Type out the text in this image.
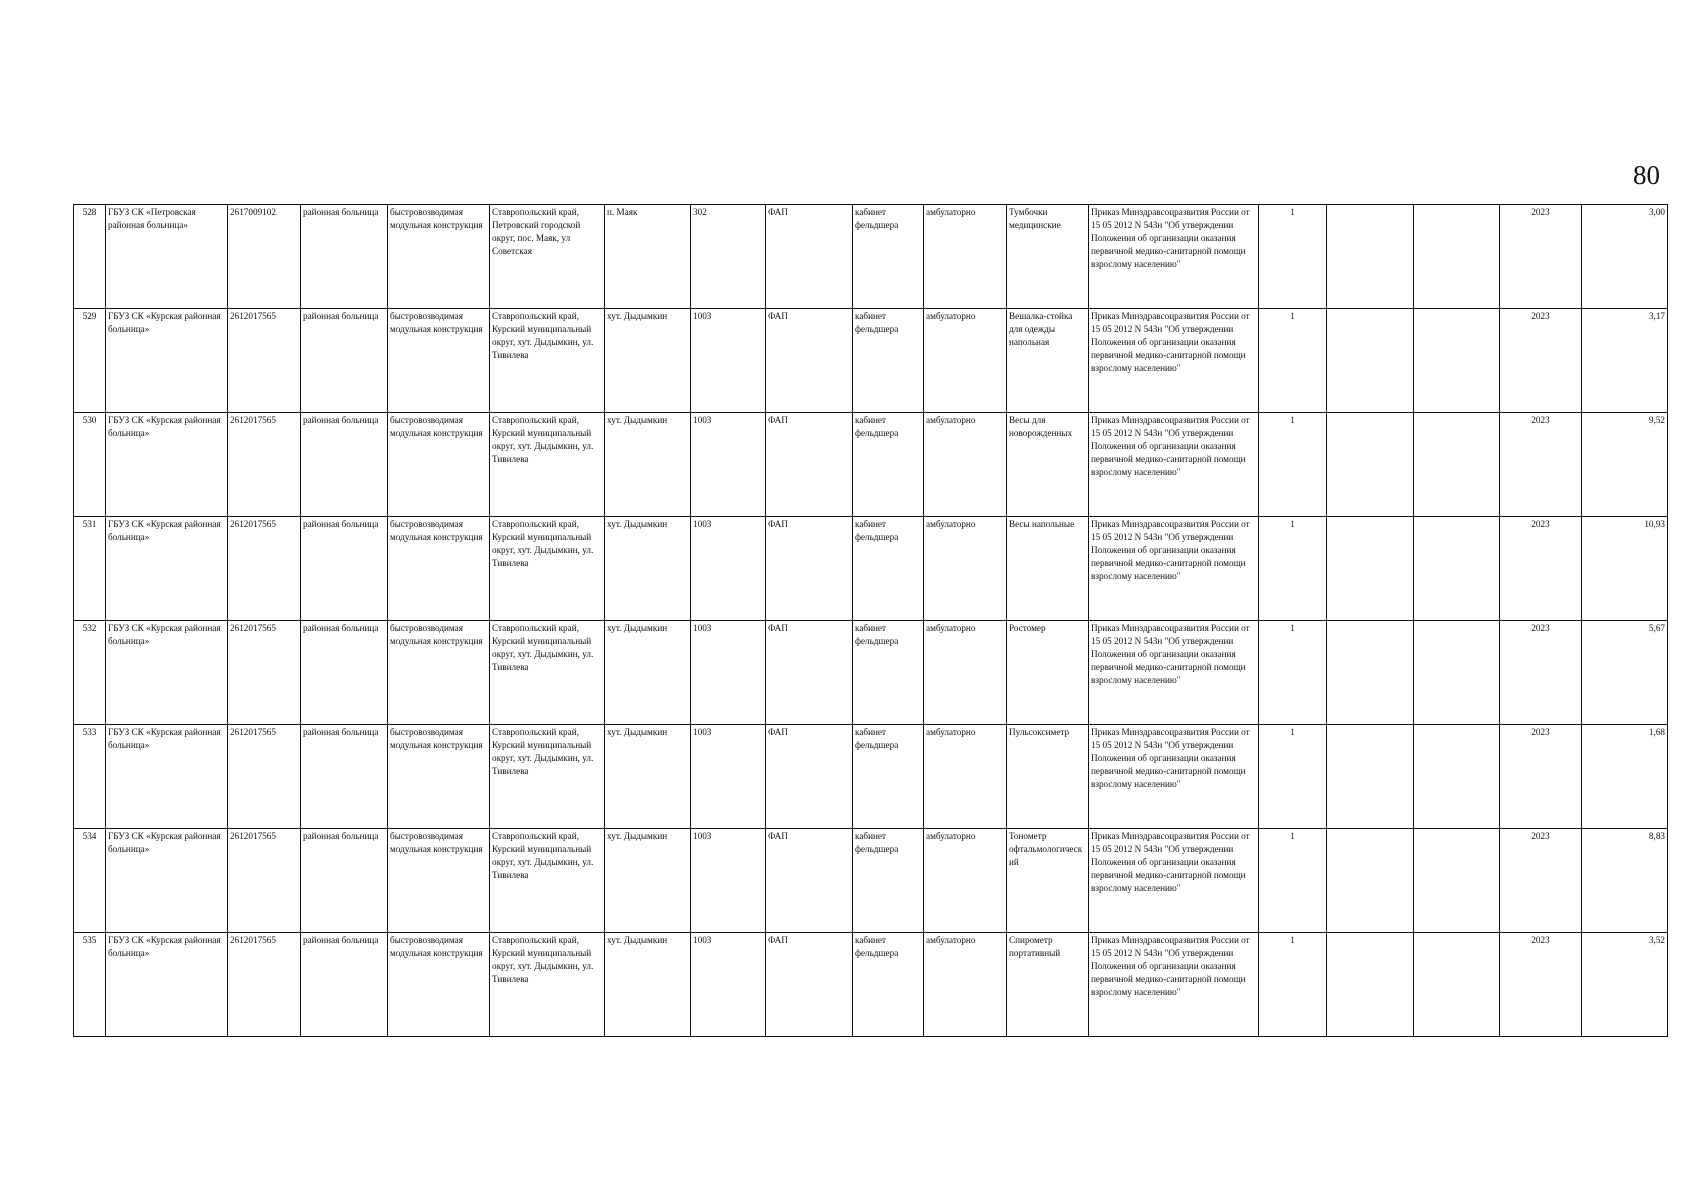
80
528	ГБУЗ СК «Петровская районная больница»	2617009102	районная больница	быстровозводимая модульная конструкция	Ставропольский край, Петровский городской округ, пос. Маяк, ул Советская	п. Маяк	302	ФАП	кабинет фельдшера	амбулаторно	Тумбочки медицинские	Приказ Минздравсоцразвития России от 15 05 2012 N 543н "Об утверждении Положения об организации оказания первичной медико-санитарной помощи взрослому населению"	1			2023	3,00
529	ГБУЗ СК «Курская районная больница»	2612017565	районная больница	быстровозводимая модульная конструкция	Ставропольский край, Курский муниципальный округ, хут. Дыдымкин, ул. Тивилева	хут. Дыдымкин	1003	ФАП	кабинет фельдшера	амбулаторно	Вешалка-стойка для одежды напольная	Приказ Минздравсоцразвития России от 15 05 2012 N 543н "Об утверждении Положения об организации оказания первичной медико-санитарной помощи взрослому населению"	1			2023	3,17
530	ГБУЗ СК «Курская районная больница»	2612017565	районная больница	быстровозводимая модульная конструкция	Ставропольский край, Курский муниципальный округ, хут. Дыдымкин, ул. Тивилева	хут. Дыдымкин	1003	ФАП	кабинет фельдшера	амбулаторно	Весы для новорожденных	Приказ Минздравсоцразвития России от 15 05 2012 N 543н "Об утверждении Положения об организации оказания первичной медико-санитарной помощи взрослому населению"	1			2023	9,52
531	ГБУЗ СК «Курская районная больница»	2612017565	районная больница	быстровозводимая модульная конструкция	Ставропольский край, Курский муниципальный округ, хут. Дыдымкин, ул. Тивилева	хут. Дыдымкин	1003	ФАП	кабинет фельдшера	амбулаторно	Весы напольные	Приказ Минздравсоцразвития России от 15 05 2012 N 543н "Об утверждении Положения об организации оказания первичной медико-санитарной помощи взрослому населению"	1			2023	10,93
532	ГБУЗ СК «Курская районная больница»	2612017565	районная больница	быстровозводимая модульная конструкция	Ставропольский край, Курский муниципальный округ, хут. Дыдымкин, ул. Тивилева	хут. Дыдымкин	1003	ФАП	кабинет фельдшера	амбулаторно	Ростомер	Приказ Минздравсоцразвития России от 15 05 2012 N 543н "Об утверждении Положения об организации оказания первичной медико-санитарной помощи взрослому населению"	1			2023	5,67
533	ГБУЗ СК «Курская районная больница»	2612017565	районная больница	быстровозводимая модульная конструкция	Ставропольский край, Курский муниципальный округ, хут. Дыдымкин, ул. Тивилева	хут. Дыдымкин	1003	ФАП	кабинет фельдшера	амбулаторно	Пульсоксиметр	Приказ Минздравсоцразвития России от 15 05 2012 N 543н "Об утверждении Положения об организации оказания первичной медико-санитарной помощи взрослому населению"	1			2023	1,68
534	ГБУЗ СК «Курская районная больница»	2612017565	районная больница	быстровозводимая модульная конструкция	Ставропольский край, Курский муниципальный округ, хут. Дыдымкин, ул. Тивилева	хут. Дыдымкин	1003	ФАП	кабинет фельдшера	амбулаторно	Тонометр офтальмологический	Приказ Минздравсоцразвития России от 15 05 2012 N 543н "Об утверждении Положения об организации оказания первичной медико-санитарной помощи взрослому населению"	1			2023	8,83
535	ГБУЗ СК «Курская районная больница»	2612017565	районная больница	быстровозводимая модульная конструкция	Ставропольский край, Курский муниципальный округ, хут. Дыдымкин, ул. Тивилева	хут. Дыдымкин	1003	ФАП	кабинет фельдшера	амбулаторно	Спирометр портативный	Приказ Минздравсоцразвития России от 15 05 2012 N 543н "Об утверждении Положения об организации оказания первичной медико-санитарной помощи взрослому населению"	1			2023	3,52
